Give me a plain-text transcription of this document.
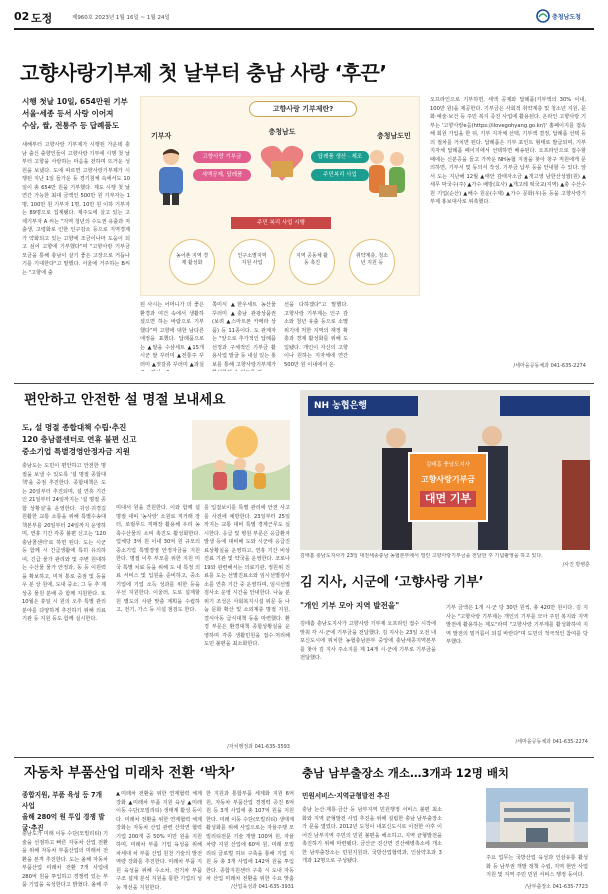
02 도정	제960호 2023년 1월 16일 ~ 1월 24일	충청남도청
고향사랑기부제 첫 날부터 충남 사랑 ‘후끈’
시행 첫날 10일, 654만원 기부
서울·세종 등서 사랑 이어져
수삼, 쌀, 전통주 등 답례품도
새해부터 고향사랑 기부제가 시행된 가운데 충남 출신 출향인들이 고향사랑 기부에 시행 첫 날부터 고향을 사랑하는 마음을 전하며 뜨거운 성원을 보냈다. 도에 따르면 고향사랑기부제가 시행된 지난 1일 들가운 등 경기침체 속에서도 10일이 총 654만 원을 기부했다. 제도 시행 첫 날 연간 가능한 최대 금액인 500만 원 기부자는 1명, 100만 원 기부자 1명, 10만 원 이하 기부자는 89명으로 집계됐다. 제주도에 살고 있는 고제기부자 A 씨는 "지역 청년의 수도권 유출과 저출생, 고령화로 인한 인구감소 등으로 지역경제가 약화되고 있는 고향에 조금이나마 도움이 되고 싶어 고향에 기부했다"며 "고향사랑 기부금 모금을 통해 충남이 살기 좋은 고장으로 거듭나기를 기대한다"고 말했다. 서울에 거주하는 B씨는 "고향에 출
고향사랑 기부제란?
충청남도
기부자	충청남도민
고향사랑 기부금
세액공제, 답례품
답례품 생산 · 제조
주민복리 사업
주민 복리 사업 시행
농어촌 지역 경제 활성화
인구소멸지역 지원 사업
지역 공동체 활동 촉진
취약계층, 청소년 지원 등
된 사시는 어머니가 더 좋은 환경과 여건 속에서 생활하셨으면 하는 바람으로 기부했다"며 고향에 대한 남다른 애정을 표했다. 답례품으로는 ▲쌀을 수삼세트 ▲15개 시군 쌀 꾸러미 ▲전통주 꾸러미 ▲젓갈류 꾸러미 ▲과실
쪽미식 ▲한우세트 농산물 꾸러미 ▲충남 관광상품권(보려 ▲스마트폰 카메라 상품) 등 11종이다. 도 관계자는 "앞으로 추가적인 답례품 선정과 구체적인 기부금 활용사업 발굴 등 내실 있는 홍보를 통해 고향사랑기부제가
선을 다하겠다"고 말했다. 고향사랑 기부제는 인구 감소와 청년 유출 등으로 소멸 위기에 처한 지역의 재정 확충과 경제 활성화를 위해 도입됐다. 개인이 자신의 고향이나 원하는 지자체에 연간 500만 원 이내에서 온·
오프라인으로 기부하면, 세액 공제와 답례품(기부액의 30% 이내, 100만 원)을 제공한다. 기부금은 사회적 취약계층 및 청소년 지원, 문화·예술·보건 등 주민 복지 증진 사업에 활용된다. 온라인 고향사랑 기부는 '고향사랑e음(https://ilovegohyang.go.kr/)' 홈페이지를 접속해 회원 가입을 한 뒤, 기부 지자체 선택, 기부액 결정, 답례품 선택 등의 절차를 거치면 된다. 답례품은 기부 포인트 형태로 발급되며, 기부 지자체 답례품 페이지에서 선택하면 배송된다. 오프라인으로 접수할 때에는 신분증을 들고 가까운 NH농협 지점을 찾아 창구 직원에게 문의하면, 기부서 및 동의서 작성, 기부금 납부 등을 안내할 수 있다. 앞서 도는 지난해 12월 ▲태안 감태자소금 ▲개고영 남한산성쌀(원) ▲세무 막국수(주) ▲가수 배방(효사) ▲개고레 떡국교(지역) ▲충 수산수 원 기업(순산) ▲해수 원운(수제) ▲가수 문화(우)등 등을 고향사랑기부제 홍보대사로 위촉했다.
/세마을공동체과 041-635-2274
편안하고 안전한 설 명절 보내세요
도, 설 명절 종합대책 수립·추진
120 충남콜센터로 연휴 불편 신고
중소기업 특별경영안정자금 지원
충남도는 도민이 편안하고 안전한 명절을 보낼 수 있도록 '설 명절 종합대책'을 중점 추진한다. 종합대책은 도는 20일부터 추진되며, 설 연휴 기간인 21일부터 24일까지는 '설 명절 종합 상황실'을 운영한다. 귀성·귀경길 원활한 교통 소통을 위해 특별수송대책본부를 20일부터 24일까지 운영하며, 연휴 기간 각종 불편 신고는 '120충남콜센터'로 하면 된다. 도는 시군 등 함께 시 긴급생활에 특히 유의하여, 긴급 물가 관리와 및 주변 원대하는 수산물 물가 안정과, 동 등 이원력을 확보하고, 미처 통로 중점 및 등을 우 분 상 원에, 도내 중소, 그 등 추 제 상공 물원 분배 증 함께 지원한다. 또 10월은 휴일 시 원의 오추 특별 관리 분야를 다양하게 추진하기 위해 의료 기관 등 지원 등도 함께 실시한다.
미대서 원을 견원한다. 이와 함께 설 명절 대비 '농사랑' 소원로 직거래 장터, 로컬푸드 직매장 활용해 우리 농축수산물의 소비 촉진도 활성화한다. 업체당 3억 원 이내 30억 원 규모의 중소기업 특별경영 안정자금을 지원한다. 명절 이후 부모를 위한 지원 미국 특별 치료 등을 위해 도 내 특정 의료 서비스 및 입원을 준비하고, 중소기업에 기업 소득 성과를 위한 등을 우선 지원한다. 이울러, 도로 설계할 원 별도의 사관 맞출 계획을 수립하고, 전기, 가스 등 시설 점검도 한다.
를 입접보이를 특별 관리에 안전 사고를 사전에 예방한다. 23일부터 25일까지는 교통 대비 특별 경계근무도 실시한다. 응급 및 병원 부문은 응급환자 발생 등에 대비해 도와 시군에 응급진료상황실을 운영하고, 연휴 기간 비상 진료 기관 및 약국을 운영한다. 코로나19와 관련해서는 의료기관, 정원위 진료를 도는 선별진료소와 임시선별검사소를 연휴 기간 중 운영하며, 임시선별검사소 운영 시간을 안내한다. 나눔 분위기 조성은 사회복지시설 위문 등 나눔 문화 확산 및 소외계층 명절 지원, 결식아동 급식대책 등을 마련했다. 환경 부문은 환경대책 종합상황실을 운영하며 각종 생활민원을 접수·처리해 도민 불편을 최소화한다.
/자치행정과 041-635-3593
NH 농협은행
김태흠 충남도지사
고향사랑기부금
대면 기부
김태흠 충남도지사가 23일 대전세종충남 농협본부에서 열린 고향사랑기부금을 전달한 후 기념촬영을 하고 있다.
/사진 방병훈
김 지사, 시군에 ‘고향사랑 기부’
"개인 기부 모아 지역 발전을"
김태흠 충남도지사가 고향사랑 기부제 오프라인 접수 시작에 맞춰 각 시·군에 기부금을 전달했다. 김 지사는 23일 오전 내포신도시에 위치한 농협충남본부 중앙에 충남세종지역본부를 찾아 김 지사 주소지를 제 14개 시·군에 기부로 기부금을 전달했다.
기부 금액은 1개 시·군 당 30만 원씩, 총 420만 원이다. 김 지사는 "고향사랑 기부제는 개인의 기부를 모아 주민 복지와 지역 발전에 활용하는 제도"라며 "고향사랑 기부제를 활성화하여 지역 발전의 밑거름이 되길 바란다"며 도민의 적극적인 참여를 당부했다.
/세마을공동체과 041-635-2274
자동차 부품산업 미래차 전환 ‘박차’
종합지원, 부품 육성 등 7개 사업
올해 280억 원 투입 경쟁 발굴·추진
충남도가 미래 이동 수단(모빌리티) 기술을 선점하고 빠른 자동차 산업 전환을 위해 자동차 부품산업의 미래차 전환을 본격 추진한다. 도는 올해 자동차 부품산업 미래차 전환 7개 사업에 280억 원을 투입하고 경쟁력 있는 부품 기업을 육성한다고 밝혔다. 올해 주
▲미래차 전환을 위한 연계협력 체계 강화 ▲미래차 부품 지원 육성 ▲미래 이동 수단(모빌리티) 생태계 활성 등이다. 미래차 전환을 위한 연계협력 체계 강화는 자동차 산업 관련 산학연 협력 기업 200개 중 50% 미만 원을 지원하며, 미래차 부품 기업 육성을 위해 차세대 차 부품 산업 원천 기술의 발전 역량 강화를 추진한다. 미래차 부품 지원 육성을 위해 수소차, 전기차 부품 구조 설계 분석 지원을 통한 기업의 성능 개선을 지원한다.
한 지원과 통합부품 세계화 지원 6억 원, 자동차 부품산업 경쟁력 증진 6억 원 등 3개 사업에 총 107억 원을 지원한다. 미래 이동 수단(모빌리티) 생태계 활성화를 위해 사업으로는 자율주행 모빌리티전문 기술 개발 100억 원, 자율 차량 지원 산업에 60억 원, 미래 모빌리티 글로벌 허브 구축을 통해 기업 지원 등 총 3개 사업에 142억 원을 투입한다. 종합지원센터 구축 시 도내 자동차 산업 미래차 전환을 위한 수요 맞춤
/산업육성과 041-635-3931
충남 남부출장소 개소…3개과 12명 배치
민원서비스·지역균형발전 추진
충남 논산·계룡·금산 등 남부지역 민원행정 서비스 불편 최소화와 지역 균형발전 사업 추진을 위해 설립한 충남 남부출장소가 문을 열었다. 2012년 도청이 내포신도시로 이전한 이후 이어진 남부지역 주민의 민원 불편을 해소하고, 지역 균형발전을 촉진하기 위해 마련됐다. 금산군 진산면 진산해병촉소에 개소한 남부출장소는 민원지원과, 국방산업협력과, 인삼약초과 3개과 12명으로 구성됐다.	주요 업무는 국방산업 육성과 인삼유통 활성화 등 남부권 개발 정책 수립, 지역 현안 사업 지원 및 지역 주민 민원 서비스 행정 등이다.
/남부출장소 041-635-7723
